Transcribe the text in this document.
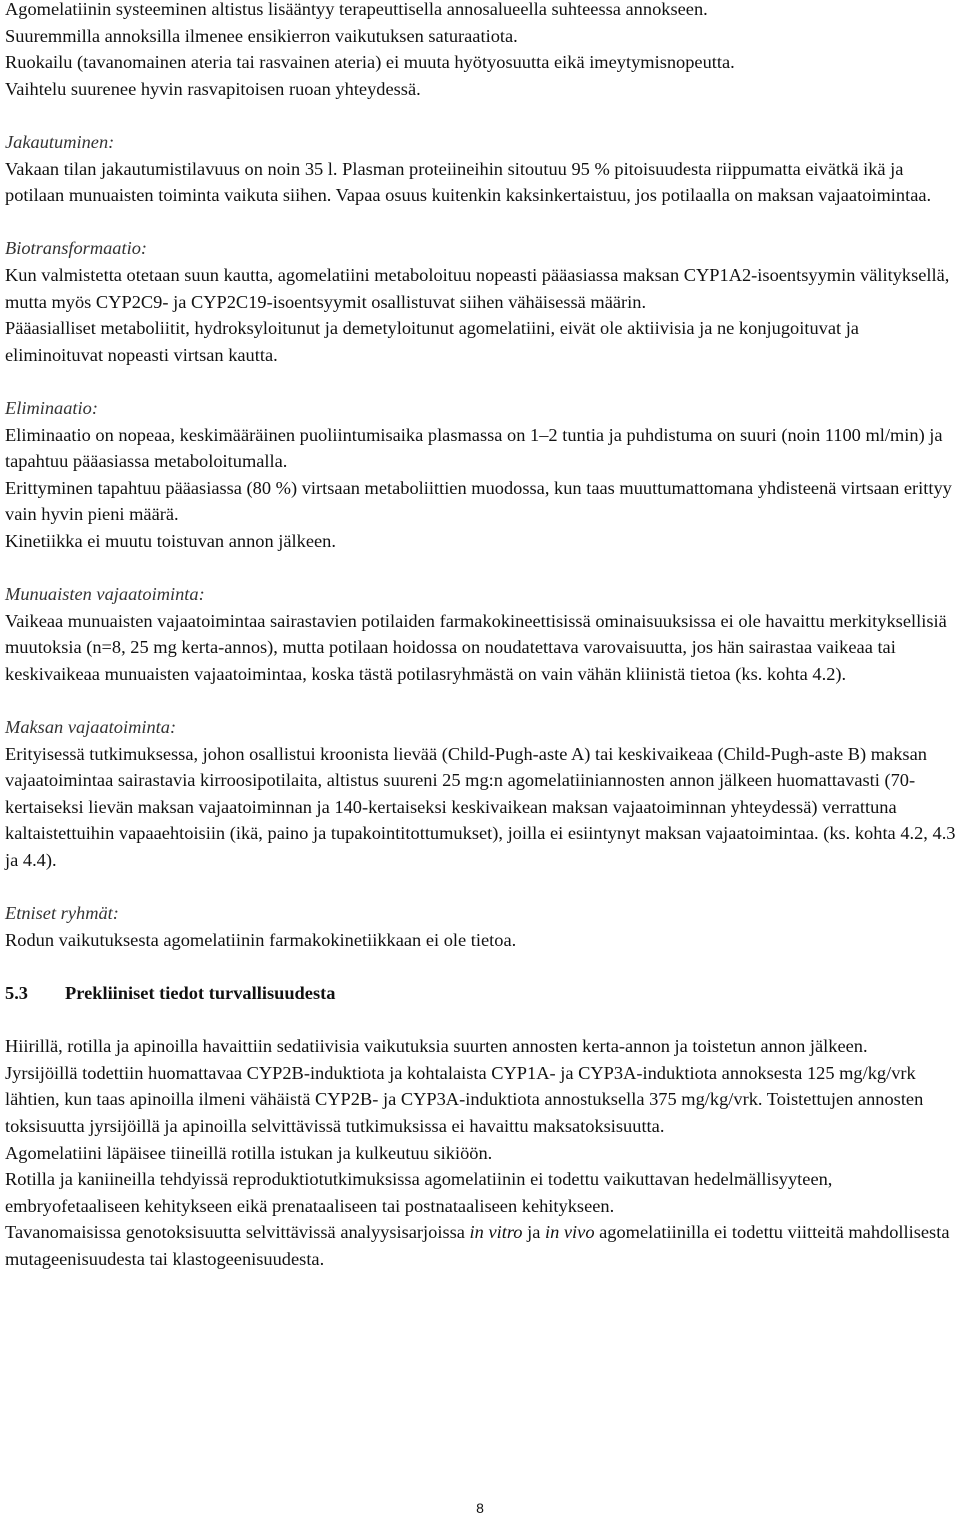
Agomelatiinin systeeminen altistus lisääntyy terapeuttisella annosalueella suhteessa annokseen.

Suuremmilla annoksilla ilmenee ensikierron vaikutuksen saturaatiota.

Ruokailu (tavanomainen ateria tai rasvainen ateria) ei muuta hyötyosuutta eikä imeytymisnopeutta.

Vaihtelu suurenee hyvin rasvapitoisen ruoan yhteydessä.

Jakautuminen:

Vakaan tilan jakautumistilavuus on noin 35 l. Plasman proteiineihin sitoutuu 95 % pitoisuudesta riippumatta eivätkä ikä ja potilaan munuaisten toiminta vaikuta siihen. Vapaa osuus kuitenkin kaksinkertaistuu, jos potilaalla on maksan vajaatoimintaa.

Biotransformaatio:

Kun valmistetta otetaan suun kautta, agomelatiini metaboloituu nopeasti pääasiassa maksan CYP1A2-isoentsyymin välityksellä, mutta myös CYP2C9- ja CYP2C19-isoentsyymit osallistuvat siihen vähäisessä määrin.

Pääasialliset metaboliitit, hydroksyloitunut ja demetyloitunut agomelatiini, eivät ole aktiivisia ja ne konjugoituvat ja eliminoituvat nopeasti virtsan kautta.

Eliminaatio:

Eliminaatio on nopeaa, keskimääräinen puoliintumisaika plasmassa on 1–2 tuntia ja puhdistuma on suuri (noin 1100 ml/min) ja tapahtuu pääasiassa metaboloitumalla.

Erittyminen tapahtuu pääasiassa (80 %) virtsaan metaboliittien muodossa, kun taas muuttumattomana yhdisteenä virtsaan erittyy vain hyvin pieni määrä.

Kinetiikka ei muutu toistuvan annon jälkeen.

Munuaisten vajaatoiminta:

Vaikeaa munuaisten vajaatoimintaa sairastavien potilaiden farmakokineettisissä ominaisuuksissa ei ole havaittu merkityksellisiä muutoksia (n=8, 25 mg kerta-annos), mutta potilaan hoidossa on noudatettava varovaisuutta, jos hän sairastaa vaikeaa tai keskivaikeaa munuaisten vajaatoimintaa, koska tästä potilasryhmästä on vain vähän kliinistä tietoa (ks. kohta 4.2).

Maksan vajaatoiminta:

Erityisessä tutkimuksessa, johon osallistui kroonista lievää (Child-Pugh-aste A) tai keskivaikeaa (Child-Pugh-aste B) maksan vajaatoimintaa sairastavia kirroosipotilaita, altistus suureni 25 mg:n agomelatiiniannosten annon jälkeen huomattavasti (70-kertaiseksi lievän maksan vajaatoiminnan ja 140-kertaiseksi keskivaikean maksan vajaatoiminnan yhteydessä) verrattuna kaltaistettuihin vapaaehtoisiin (ikä, paino ja tupakointitottumukset), joilla ei esiintynyt maksan vajaatoimintaa. (ks. kohta 4.2, 4.3 ja 4.4).

Etniset ryhmät:

Rodun vaikutuksesta agomelatiinin farmakokinetiikkaan ei ole tietoa.

5.3 Prekliiniset tiedot turvallisuudesta

Hiirillä, rotilla ja apinoilla havaittiin sedatiivisia vaikutuksia suurten annosten kerta-annon ja toistetun annon jälkeen.

Jyrsijöillä todettiin huomattavaa CYP2B-induktiota ja kohtalaista CYP1A- ja CYP3A-induktiota annoksesta 125 mg/kg/vrk lähtien, kun taas apinoilla ilmeni vähäistä CYP2B- ja CYP3A-induktiota annostuksella 375 mg/kg/vrk. Toistettujen annosten toksisuutta jyrsijöillä ja apinoilla selvittävissä tutkimuksissa ei havaittu maksatoksisuutta.

Agomelatiini läpäisee tiineillä rotilla istukan ja kulkeutuu sikiöön.

Rotilla ja kaniineilla tehdyissä reproduktiotutkimuksissa agomelatiinin ei todettu vaikuttavan hedelmällisyyteen, embryofetaaliseen kehitykseen eikä prenataaliseen tai postnataaliseen kehitykseen.

Tavanomaisissa genotoksisuutta selvittävissä analyysisarjoissa in vitro ja in vivo agomelatiinilla ei todettu viitteitä mahdollisesta mutageenisuudesta tai klastogeenisuudesta.

8
